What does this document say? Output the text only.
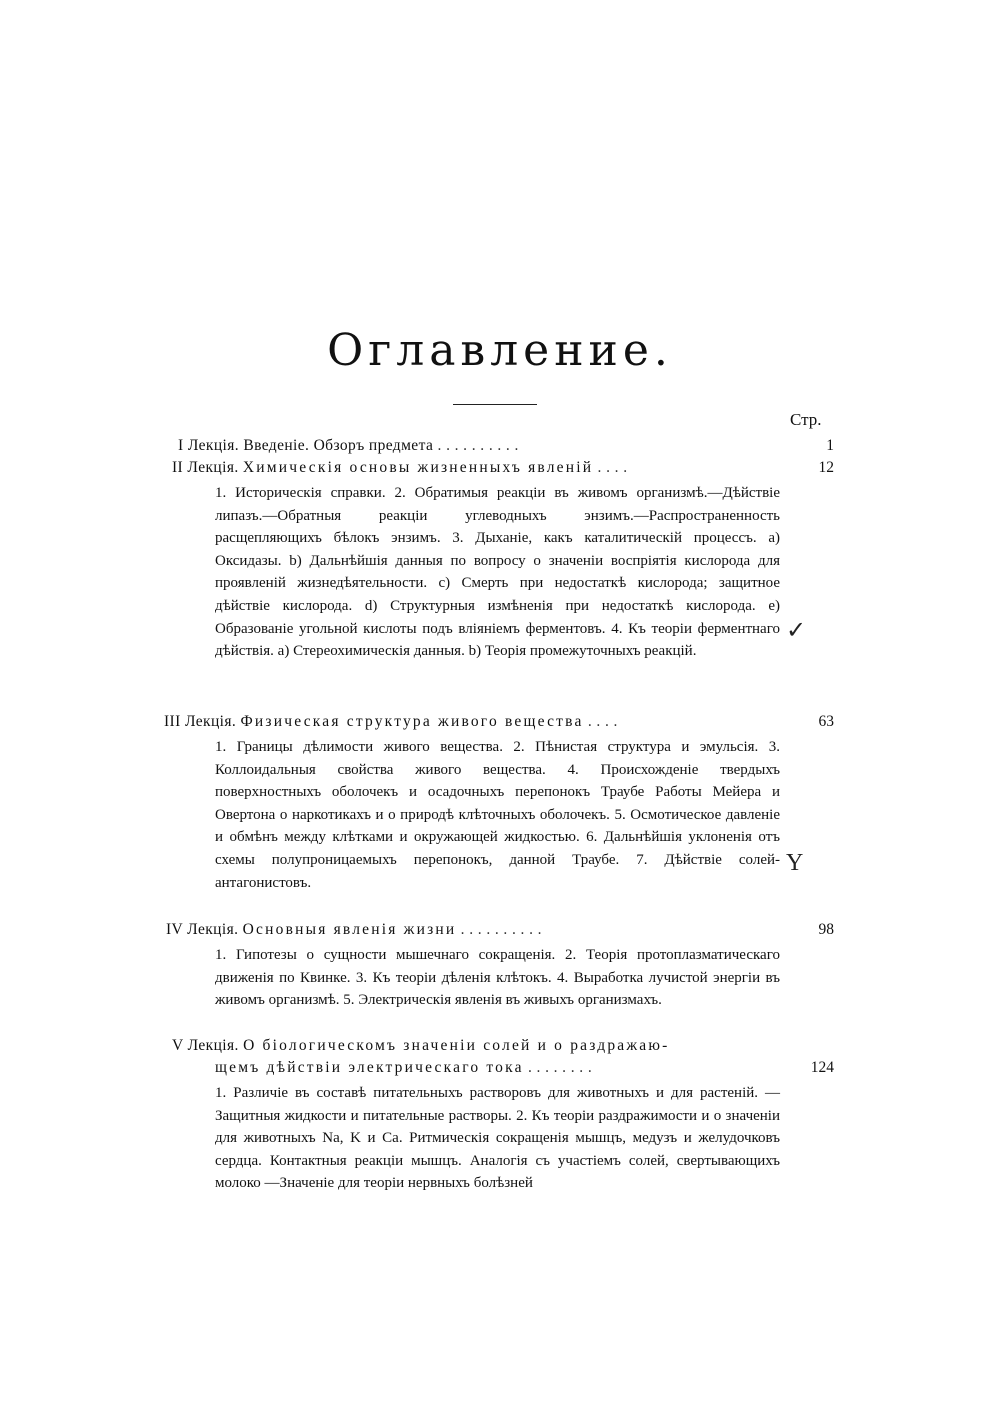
Оглавление.
Стр.
I Лекція. Введеніе. Обзоръ предмета . . . . . . . . . .	1
II Лекція. Химическія основы жизненныхъ явленій . . . .	12
1. Историческія справки. 2. Обратимыя реакціи въ живомъ организмѣ.—Дѣйствіе липазъ.—Обратныя реакціи углеводныхъ энзимъ.—Распространенность расщепляющихъ бѣлокъ энзимъ. 3. Дыханіе, какъ каталитическій процессъ. a) Оксидазы. b) Дальнѣйшія данныя по вопросу о значеніи воспріятія кислорода для проявленій жизнедѣятельности. c) Смерть при недостаткѣ кислорода; защитное дѣйствіе кислорода. d) Структурныя измѣненія при недостаткѣ кислорода. e) Образованіе угольной кислоты подъ вліяніемъ ферментовъ. 4. Къ теоріи ферментнаго дѣйствія. a) Стереохимическія данныя. b) Теорія промежуточныхъ реакцій.
III Лекція. Физическая структура живого вещества . . . .	63
1. Границы дѣлимости живого вещества. 2. Пѣнистая структура и эмульсія. 3. Коллоидальныя свойства живого вещества. 4. Происхожденіе твердыхъ поверхностныхъ оболочекъ и осадочныхъ перепонокъ Траубе Работы Мейера и Овертона о наркотикахъ и о природѣ клѣточныхъ оболочекъ. 5. Осмотическое давленіе и обмѣнъ между клѣтками и окружающей жидкостью. 6. Дальнѣйшія уклоненія отъ схемы полупроницаемыхъ перепонокъ, данной Траубе. 7. Дѣйствіе солей-антагонистовъ.
IV Лекція. Основныя явленія жизни . . . . . . . . . .	98
1. Гипотезы о сущности мышечнаго сокращенія. 2. Теорія протоплазматическаго движенія по Квинке. 3. Къ теоріи дѣленія клѣтокъ. 4. Выработка лучистой энергіи въ живомъ организмѣ. 5. Электрическія явленія въ живыхъ организмахъ.
V Лекція. О біологическомъ значеніи солей и о раздражаю-
щемъ дѣйствіи электрическаго тока . . . . . . . .	124
1. Различіе въ составѣ питательныхъ растворовъ для животныхъ и для растеній. — Защитныя жидкости и питательные растворы. 2. Къ теоріи раздражимости и о значеніи для животныхъ Na, K и Ca. Ритмическія сокращенія мышцъ, медузъ и желудочковъ сердца. Контактныя реакціи мышцъ. Аналогія съ участіемъ солей, свертывающихъ молоко —Значеніе для теоріи нервныхъ болѣзней
✓
Y
